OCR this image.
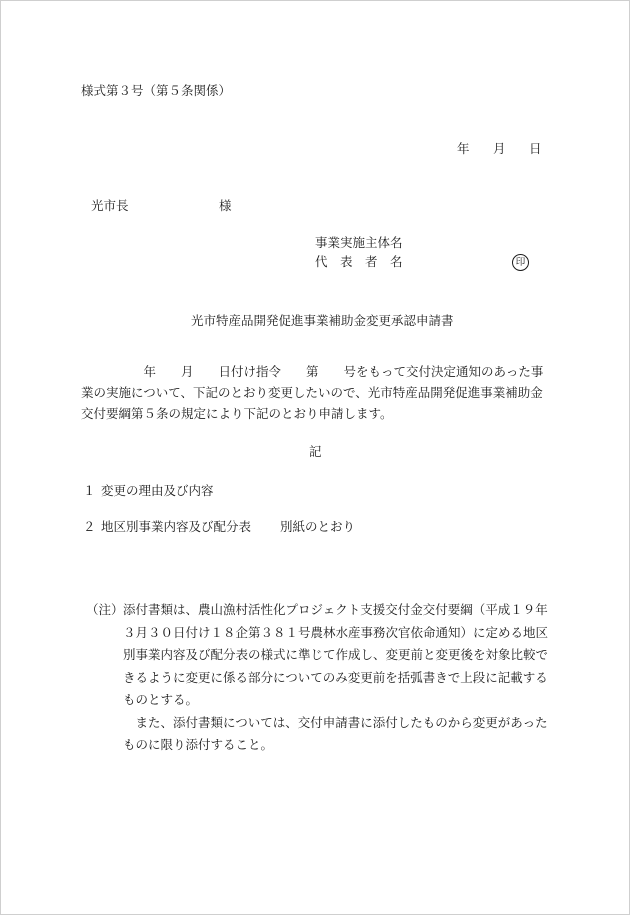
様式第３号（第５条関係）
年 月 日
光市長	様
事業実施主体名
代　表　者　名	印
光市特産品開発促進事業補助金変更承認申請書
　　　　　年　　月　　日付け指令　　第　　号をもって交付決定通知のあった事業の実施について、下記のとおり変更したいので、光市特産品開発促進事業補助金交付要綱第５条の規定により下記のとおり申請します。
記
１ 変更の理由及び内容
２ 地区別事業内容及び配分表 別紙のとおり
（注） 添付書類は、農山漁村活性化プロジェクト支援交付金交付要綱（平成１９年３月３０日付け１８企第３８１号農林水産事務次官依命通知）に定める地区別事業内容及び配分表の様式に準じて作成し、変更前と変更後を対象比較できるように変更に係る部分についてのみ変更前を括弧書きで上段に記載するものとする。

また、添付書類については、交付申請書に添付したものから変更があったものに限り添付すること。
